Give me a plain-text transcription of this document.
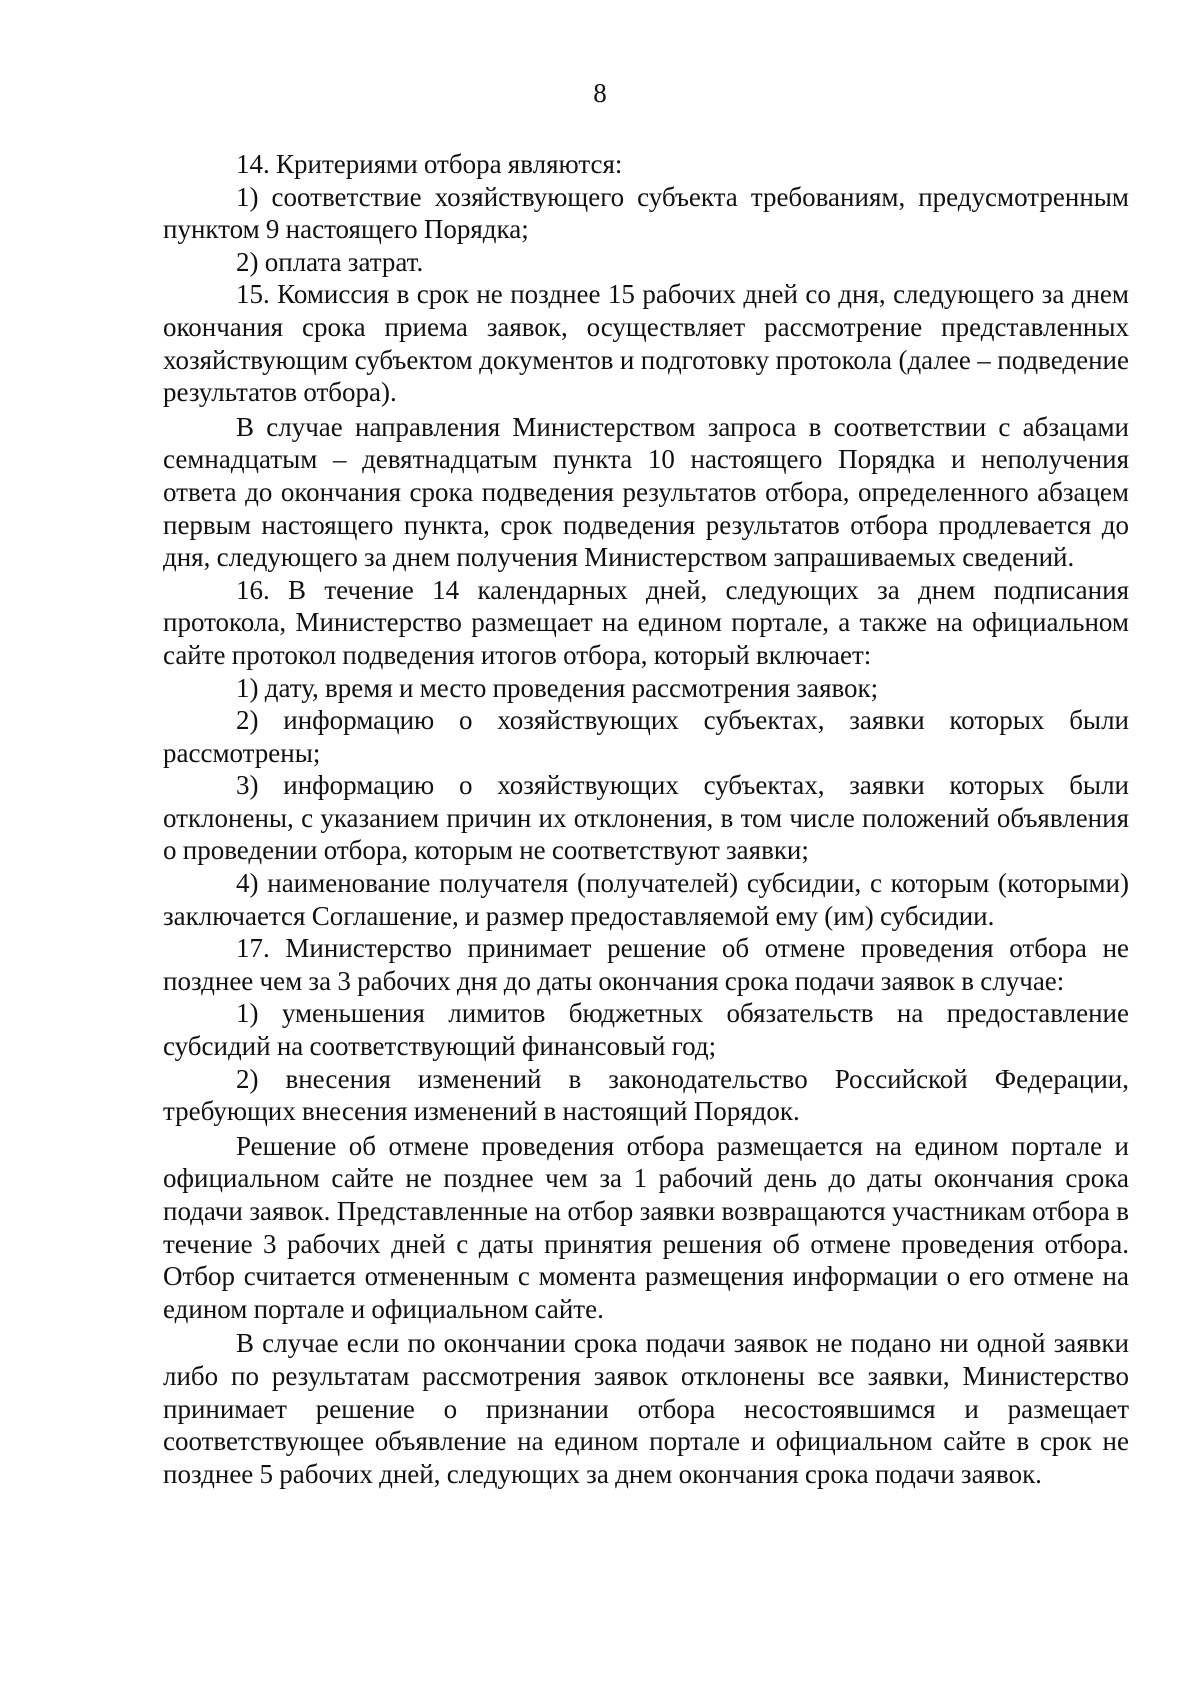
8

14. Критериями отбора являются:

1) соответствие хозяйствующего субъекта требованиям, предусмотренным пунктом 9 настоящего Порядка;

2) оплата затрат.

15. Комиссия в срок не позднее 15 рабочих дней со дня, следующего за днем окончания срока приема заявок, осуществляет рассмотрение представленных хозяйствующим субъектом документов и подготовку протокола (далее – подведение результатов отбора).

В случае направления Министерством запроса в соответствии с абзацами семнадцатым – девятнадцатым пункта 10 настоящего Порядка и неполучения ответа до окончания срока подведения результатов отбора, определенного абзацем первым настоящего пункта, срок подведения результатов отбора продлевается до дня, следующего за днем получения Министерством запрашиваемых сведений.

16. В течение 14 календарных дней, следующих за днем подписания протокола, Министерство размещает на едином портале, а также на официальном сайте протокол подведения итогов отбора, который включает:

1) дату, время и место проведения рассмотрения заявок;

2) информацию о хозяйствующих субъектах, заявки которых были рассмотрены;

3) информацию о хозяйствующих субъектах, заявки которых были отклонены, с указанием причин их отклонения, в том числе положений объявления о проведении отбора, которым не соответствуют заявки;

4) наименование получателя (получателей) субсидии, с которым (которыми) заключается Соглашение, и размер предоставляемой ему (им) субсидии.

17. Министерство принимает решение об отмене проведения отбора не позднее чем за 3 рабочих дня до даты окончания срока подачи заявок в случае:

1) уменьшения лимитов бюджетных обязательств на предоставление субсидий на соответствующий финансовый год;

2) внесения изменений в законодательство Российской Федерации, требующих внесения изменений в настоящий Порядок.

Решение об отмене проведения отбора размещается на едином портале и официальном сайте не позднее чем за 1 рабочий день до даты окончания срока подачи заявок. Представленные на отбор заявки возвращаются участникам отбора в течение 3 рабочих дней с даты принятия решения об отмене проведения отбора. Отбор считается отмененным с момента размещения информации о его отмене на едином портале и официальном сайте.

В случае если по окончании срока подачи заявок не подано ни одной заявки либо по результатам рассмотрения заявок отклонены все заявки, Министерство принимает решение о признании отбора несостоявшимся и размещает соответствующее объявление на едином портале и официальном сайте в срок не позднее 5 рабочих дней, следующих за днем окончания срока подачи заявок.
